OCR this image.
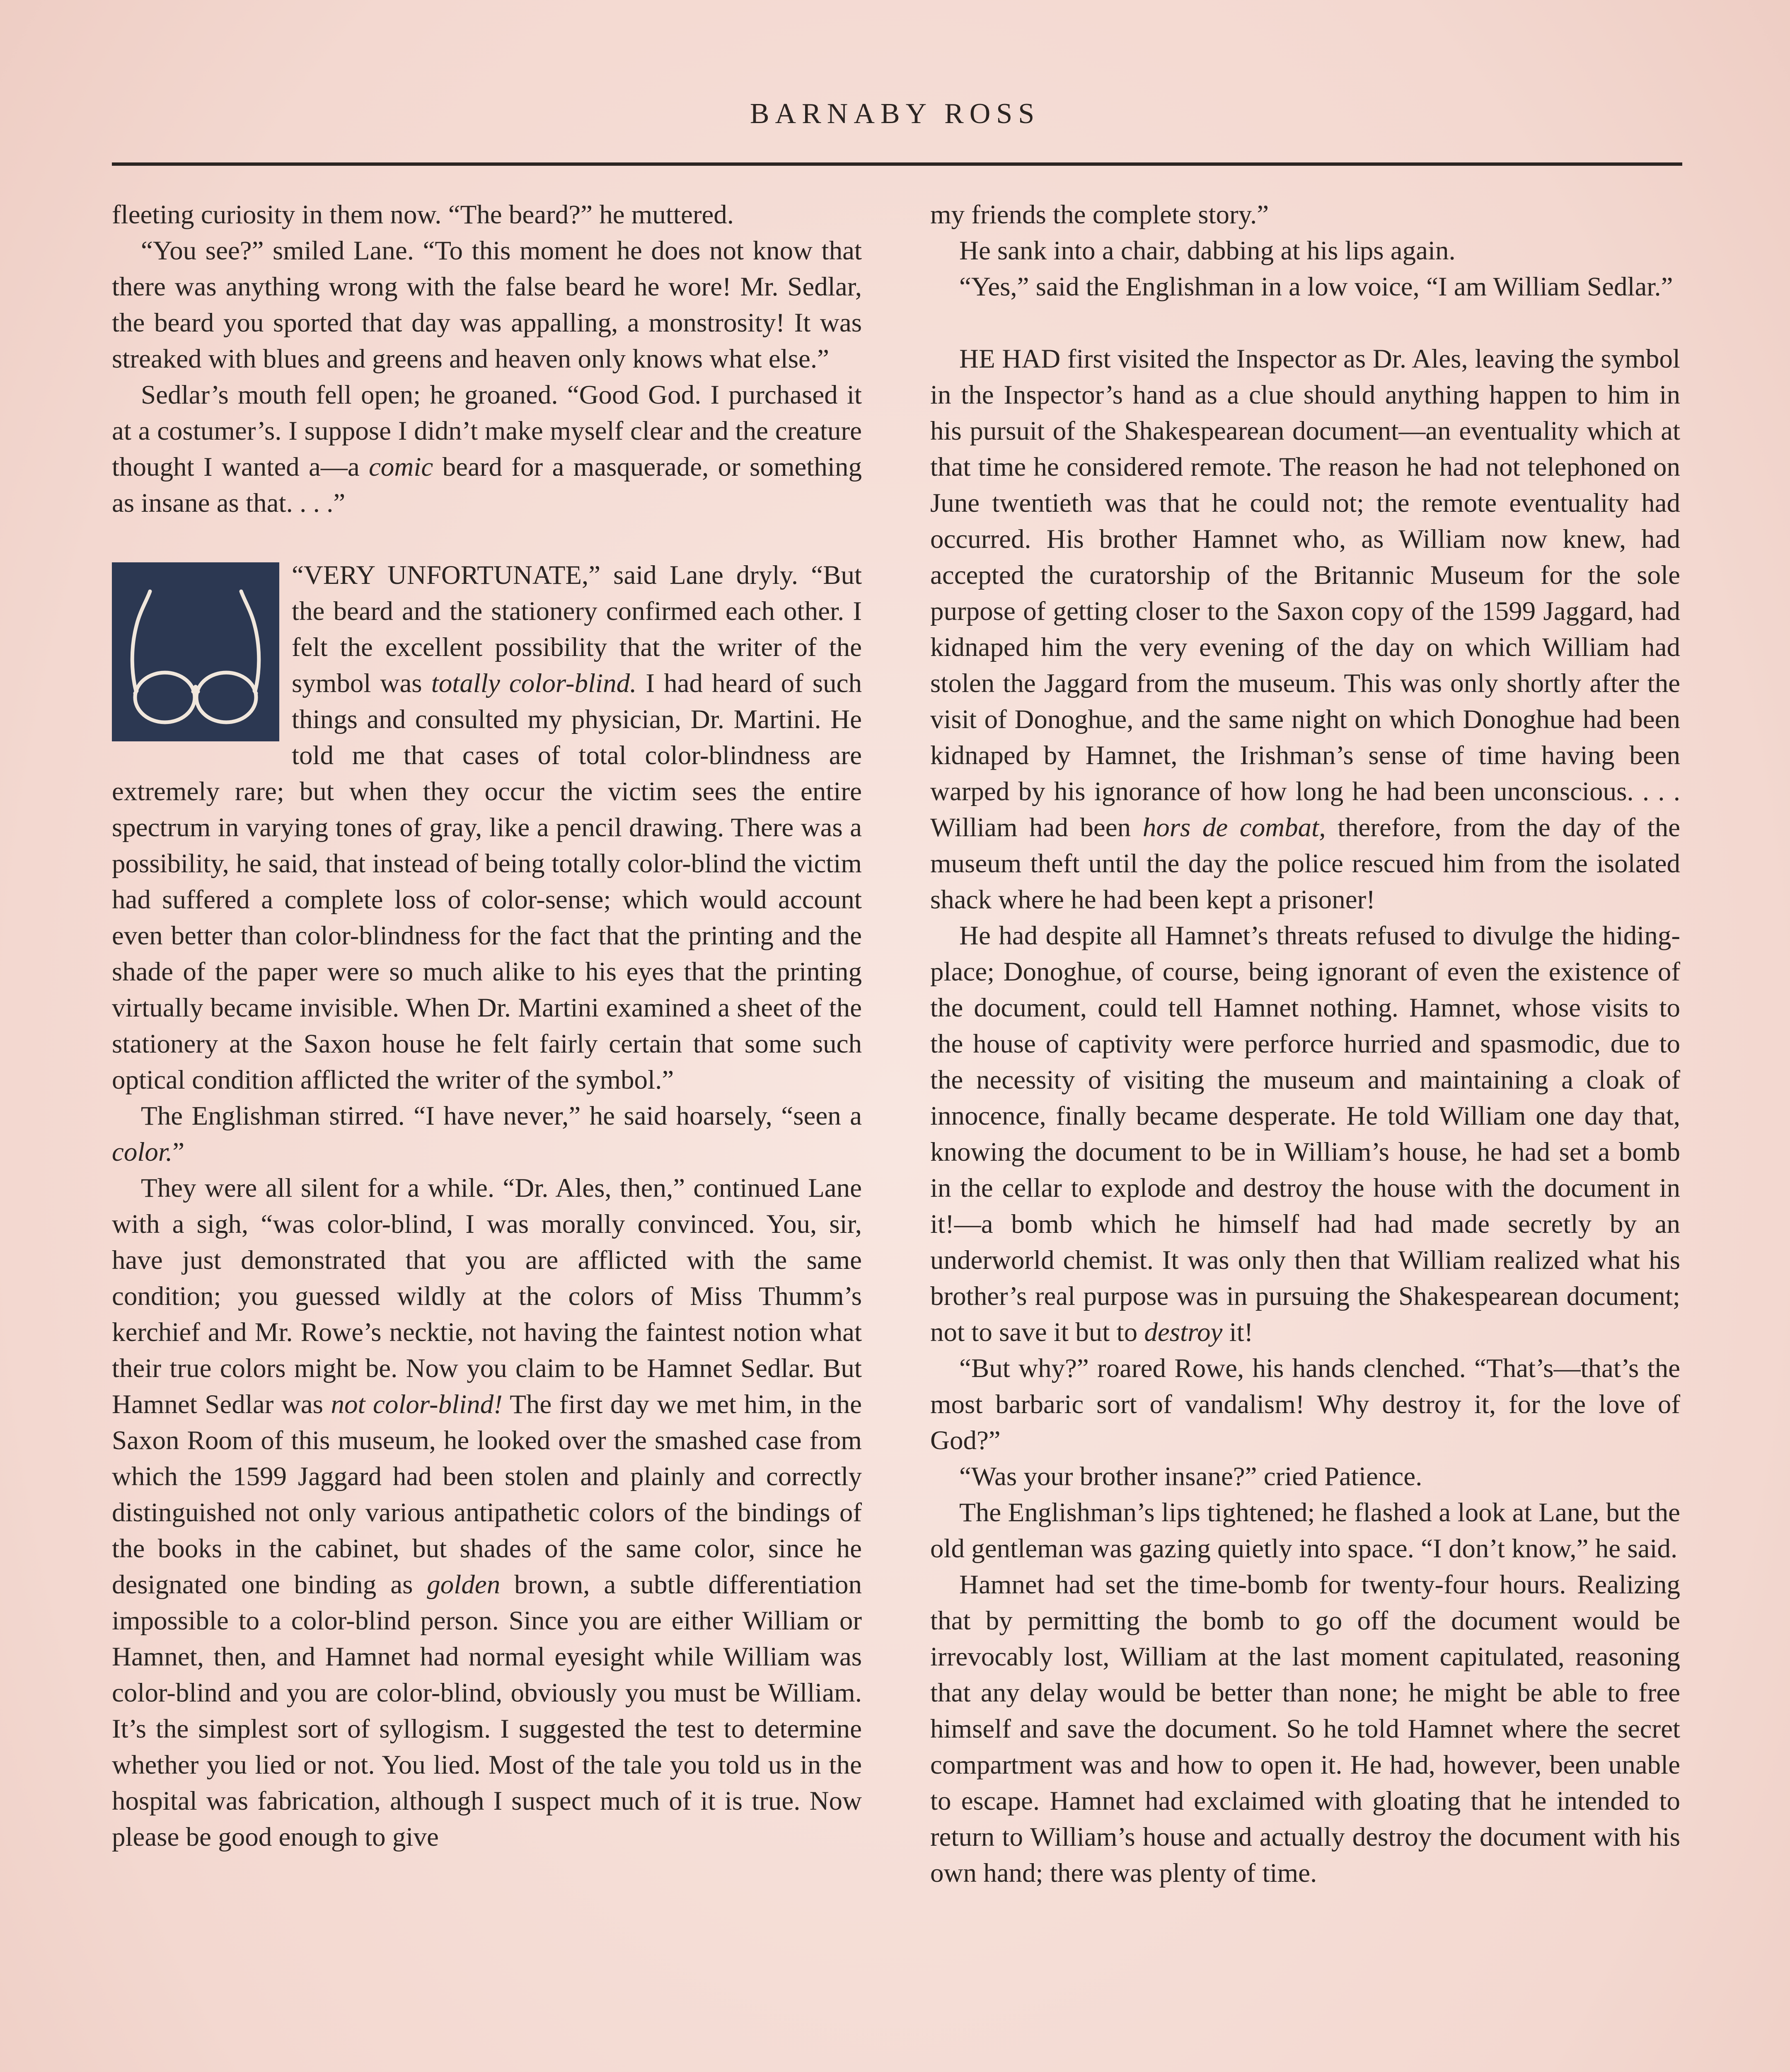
BARNABY ROSS

fleeting curiosity in them now. “The beard?” he muttered.

“You see?” smiled Lane. “To this moment he does not know that there was anything wrong with the false beard he wore! Mr. Sedlar, the beard you sported that day was appalling, a monstrosity! It was streaked with blues and greens and heaven only knows what else.”

Sedlar’s mouth fell open; he groaned. “Good God. I purchased it at a costumer’s. I suppose I didn’t make myself clear and the creature thought I wanted a—a comic beard for a masquerade, or something as insane as that. . . .”

“VERY UNFORTUNATE,” said Lane dryly. “But the beard and the stationery confirmed each other. I felt the excellent possibility that the writer of the symbol was totally color-blind. I had heard of such things and consulted my physician, Dr. Martini. He told me that cases of total color-blindness are extremely rare; but when they occur the victim sees the entire spectrum in varying tones of gray, like a pencil drawing. There was a possibility, he said, that instead of being totally color-blind the victim had suffered a complete loss of color-sense; which would account even better than color-blindness for the fact that the printing and the shade of the paper were so much alike to his eyes that the printing virtually became invisible. When Dr. Martini examined a sheet of the stationery at the Saxon house he felt fairly certain that some such optical condition afflicted the writer of the symbol.”

The Englishman stirred. “I have never,” he said hoarsely, “seen a color.”

They were all silent for a while. “Dr. Ales, then,” continued Lane with a sigh, “was color-blind, I was morally convinced. You, sir, have just demonstrated that you are afflicted with the same condition; you guessed wildly at the colors of Miss Thumm’s kerchief and Mr. Rowe’s necktie, not having the faintest notion what their true colors might be. Now you claim to be Hamnet Sedlar. But Hamnet Sedlar was not color-blind! The first day we met him, in the Saxon Room of this museum, he looked over the smashed case from which the 1599 Jaggard had been stolen and plainly and correctly distinguished not only various antipathetic colors of the bindings of the books in the cabinet, but shades of the same color, since he designated one binding as golden brown, a subtle differentiation impossible to a color-blind person. Since you are either William or Hamnet, then, and Hamnet had normal eyesight while William was color-blind and you are color-blind, obviously you must be William. It’s the simplest sort of syllogism. I suggested the test to determine whether you lied or not. You lied. Most of the tale you told us in the hospital was fabrication, although I suspect much of it is true. Now please be good enough to give

my friends the complete story.”

He sank into a chair, dabbing at his lips again.

“Yes,” said the Englishman in a low voice, “I am William Sedlar.”

HE HAD first visited the Inspector as Dr. Ales, leaving the symbol in the Inspector’s hand as a clue should anything happen to him in his pursuit of the Shakespearean document—an eventuality which at that time he considered remote. The reason he had not telephoned on June twentieth was that he could not; the remote eventuality had occurred. His brother Hamnet who, as William now knew, had accepted the curatorship of the Britannic Museum for the sole purpose of getting closer to the Saxon copy of the 1599 Jaggard, had kidnaped him the very evening of the day on which William had stolen the Jaggard from the museum. This was only shortly after the visit of Donoghue, and the same night on which Donoghue had been kidnaped by Hamnet, the Irishman’s sense of time having been warped by his ignorance of how long he had been unconscious. . . . William had been hors de combat, therefore, from the day of the museum theft until the day the police rescued him from the isolated shack where he had been kept a prisoner!

He had despite all Hamnet’s threats refused to divulge the hiding-place; Donoghue, of course, being ignorant of even the existence of the document, could tell Hamnet nothing. Hamnet, whose visits to the house of captivity were perforce hurried and spasmodic, due to the necessity of visiting the museum and maintaining a cloak of innocence, finally became desperate. He told William one day that, knowing the document to be in William’s house, he had set a bomb in the cellar to explode and destroy the house with the document in it!—a bomb which he himself had had made secretly by an underworld chemist. It was only then that William realized what his brother’s real purpose was in pursuing the Shakespearean document; not to save it but to destroy it!

“But why?” roared Rowe, his hands clenched. “That’s—that’s the most barbaric sort of vandalism! Why destroy it, for the love of God?”

“Was your brother insane?” cried Patience.

The Englishman’s lips tightened; he flashed a look at Lane, but the old gentleman was gazing quietly into space. “I don’t know,” he said.

Hamnet had set the time-bomb for twenty-four hours. Realizing that by permitting the bomb to go off the document would be irrevocably lost, William at the last moment capitulated, reasoning that any delay would be better than none; he might be able to free himself and save the document. So he told Hamnet where the secret compartment was and how to open it. He had, however, been unable to escape. Hamnet had exclaimed with gloating that he intended to return to William’s house and actually destroy the document with his own hand; there was plenty of time.
